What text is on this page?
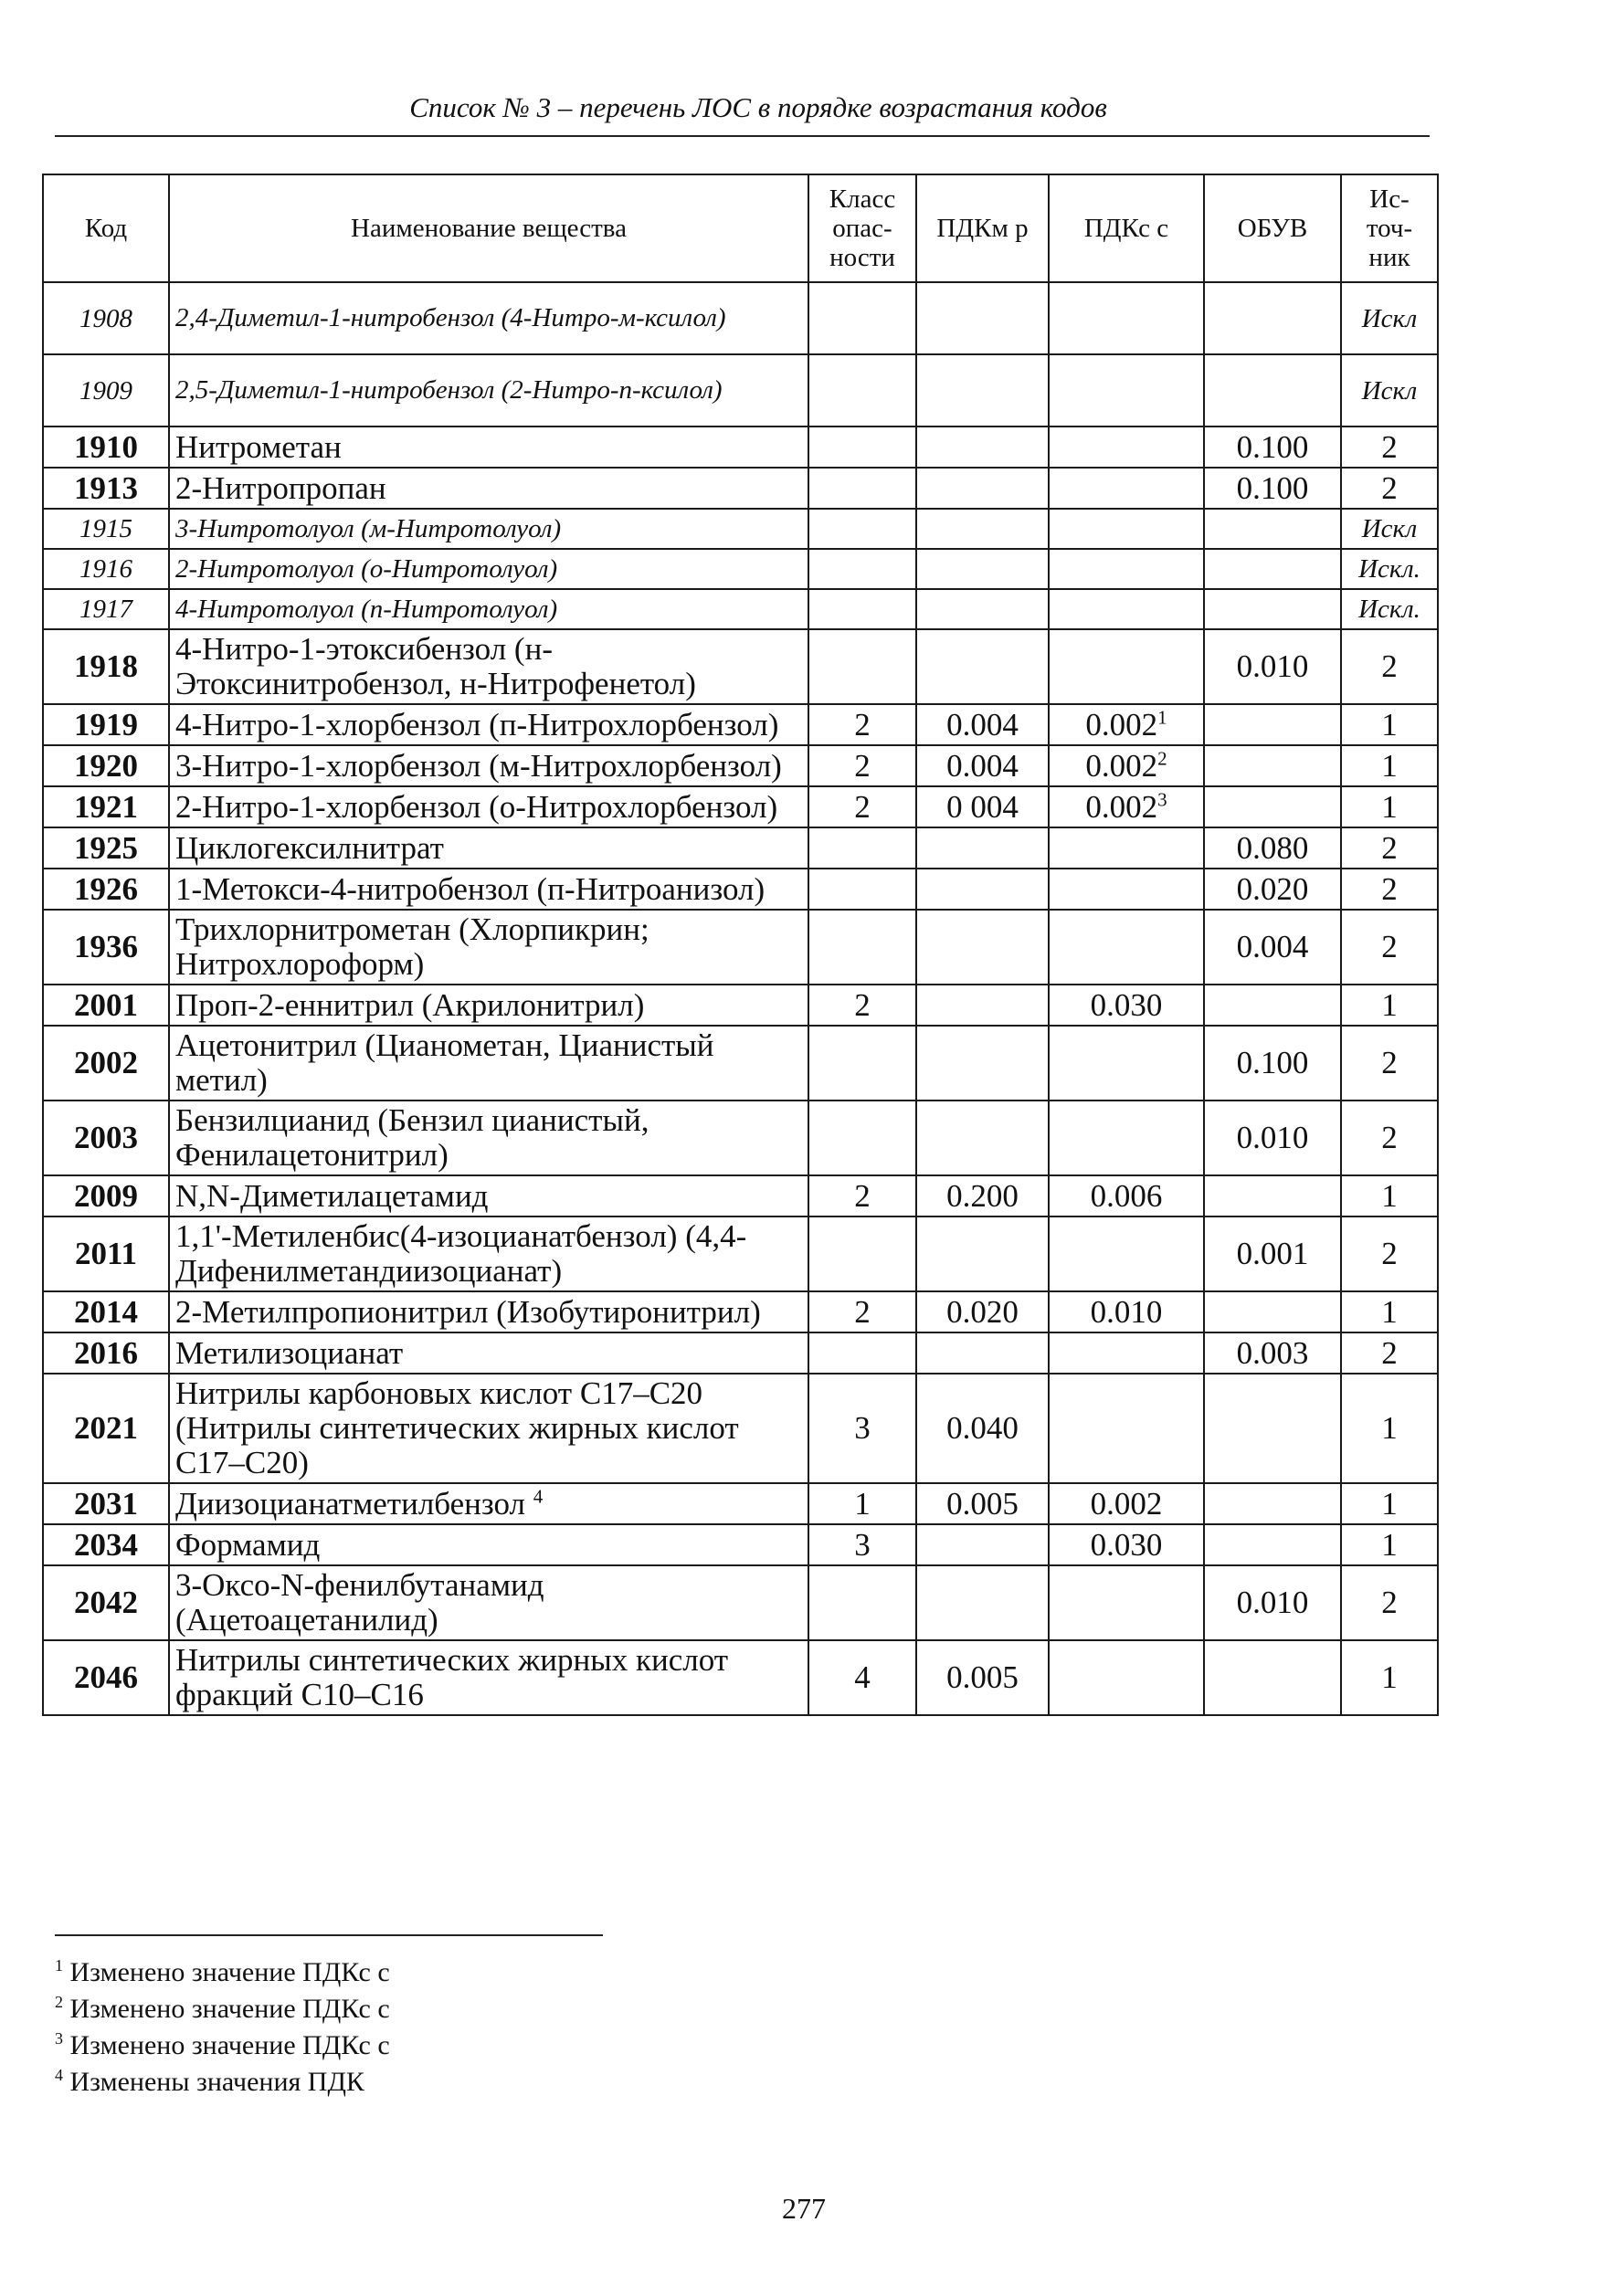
Список № 3 – перечень ЛОС в порядке возрастания кодов
Код	Наименование вещества	Класс опас-ности	ПДКм р	ПДКс с	ОБУВ	Ис-точ-ник
1908	2,4-Диметил-1-нитробензол (4-Нитро-м-ксилол)					Искл
1909	2,5-Диметил-1-нитробензол (2-Нитро-п-ксилол)					Искл
1910	Нитрометан				0.100	2
1913	2-Нитропропан				0.100	2
1915	3-Нитротолуол (м-Нитротолуол)					Искл
1916	2-Нитротолуол (о-Нитротолуол)					Искл.
1917	4-Нитротолуол (п-Нитротолуол)					Искл.
1918	4-Нитро-1-этоксибензол (н-Этоксинитробензол, н-Нитрофенетол)				0.010	2
1919	4-Нитро-1-хлорбензол (п-Нитрохлорбензол)	2	0.004	0.002$^1$		1
1920	3-Нитро-1-хлорбензол (м-Нитрохлорбензол)	2	0.004	0.002$^2$		1
1921	2-Нитро-1-хлорбензол (о-Нитрохлорбензол)	2	0 004	0.002$^3$		1
1925	Циклогексилнитрат				0.080	2
1926	1-Метокси-4-нитробензол (п-Нитроанизол)				0.020	2
1936	Трихлорнитрометан (Хлорпикрин; Нитрохлороформ)				0.004	2
2001	Проп-2-еннитрил (Акрилонитрил)	2		0.030		1
2002	Ацетонитрил (Цианометан, Цианистый метил)				0.100	2
2003	Бензилцианид (Бензил цианистый, Фенилацетонитрил)				0.010	2
2009	N,N-Диметилацетамид	2	0.200	0.006		1
2011	1,1'-Метиленбис(4-изоцианатбензол) (4,4-Дифенилметандиизоцианат)				0.001	2
2014	2-Метилпропионитрил (Изобутиронитрил)	2	0.020	0.010		1
2016	Метилизоцианат				0.003	2
2021	Нитрилы карбоновых кислот С17–С20 (Нитрилы синтетических жирных кислот С17–С20)	3	0.040			1
2031	Диизоцианатметилбензол $^4$	1	0.005	0.002		1
2034	Формамид	3		0.030		1
2042	3-Оксо-N-фенилбутанамид (Ацетоацетанилид)				0.010	2
2046	Нитрилы синтетических жирных кислот фракций С10–С16	4	0.005			1
$^1$ Изменено значение ПДКс с
$^2$ Изменено значение ПДКс с
$^3$ Изменено значение ПДКс с
$^4$ Изменены значения ПДК
277
